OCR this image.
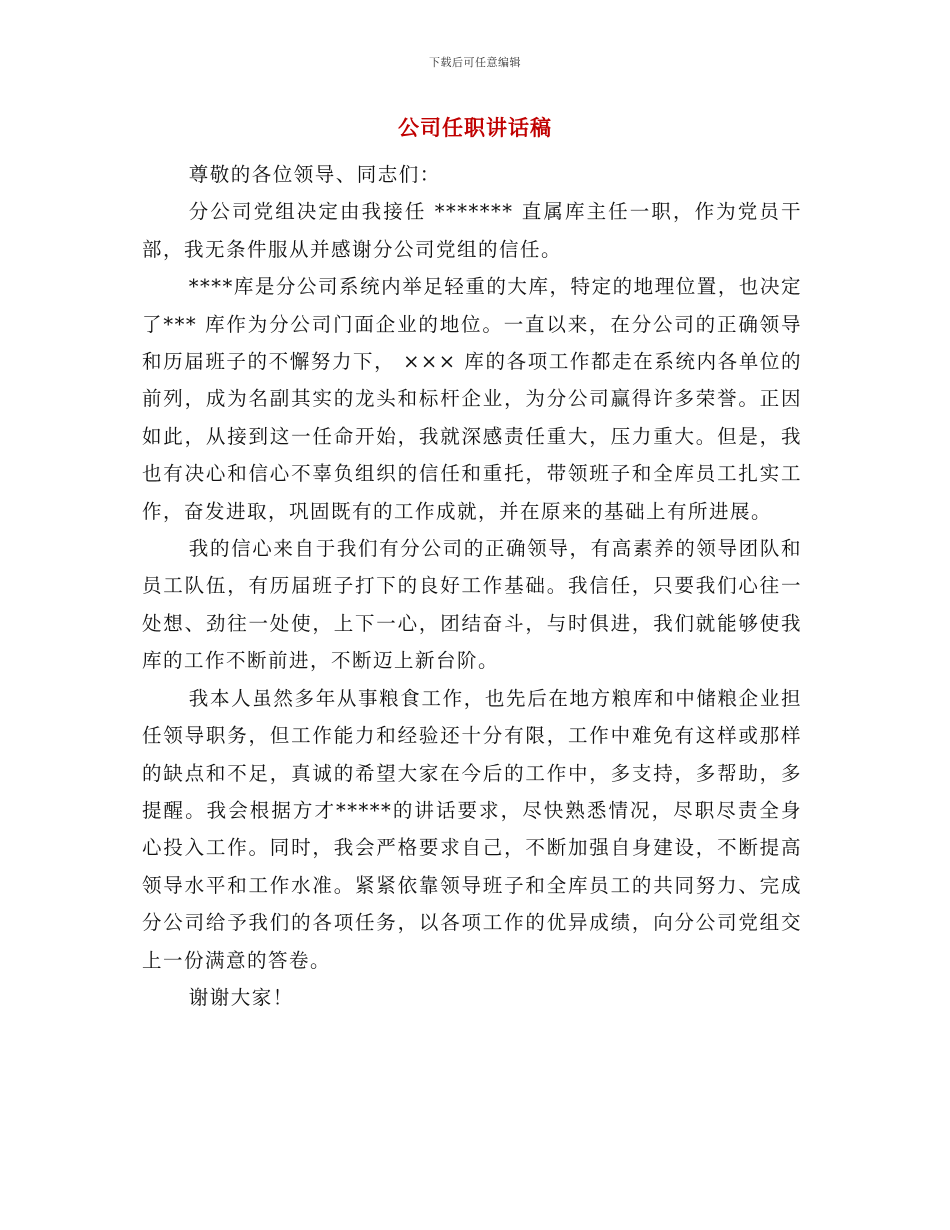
下载后可任意编辑
公司任职讲话稿

尊敬的各位领导、同志们：

分公司党组决定由我接任 ******* 直属库主任一职，作为党员干部，我无条件服从并感谢分公司党组的信任。

****库是分公司系统内举足轻重的大库，特定的地理位置，也决定了*** 库作为分公司门面企业的地位。一直以来，在分公司的正确领导和历届班子的不懈努力下， ××× 库的各项工作都走在系统内各单位的前列，成为名副其实的龙头和标杆企业，为分公司赢得许多荣誉。正因如此，从接到这一任命开始，我就深感责任重大，压力重大。但是，我也有决心和信心不辜负组织的信任和重托，带领班子和全库员工扎实工作，奋发进取，巩固既有的工作成就，并在原来的基础上有所进展。

我的信心来自于我们有分公司的正确领导，有高素养的领导团队和员工队伍，有历届班子打下的良好工作基础。我信任，只要我们心往一处想、劲往一处使，上下一心，团结奋斗，与时俱进，我们就能够使我库的工作不断前进，不断迈上新台阶。

我本人虽然多年从事粮食工作，也先后在地方粮库和中储粮企业担任领导职务，但工作能力和经验还十分有限，工作中难免有这样或那样的缺点和不足，真诚的希望大家在今后的工作中，多支持，多帮助，多提醒。我会根据方才*****的讲话要求，尽快熟悉情况，尽职尽责全身心投入工作。同时，我会严格要求自己，不断加强自身建设，不断提高领导水平和工作水准。紧紧依靠领导班子和全库员工的共同努力、完成分公司给予我们的各项任务，以各项工作的优异成绩，向分公司党组交上一份满意的答卷。

谢谢大家！
